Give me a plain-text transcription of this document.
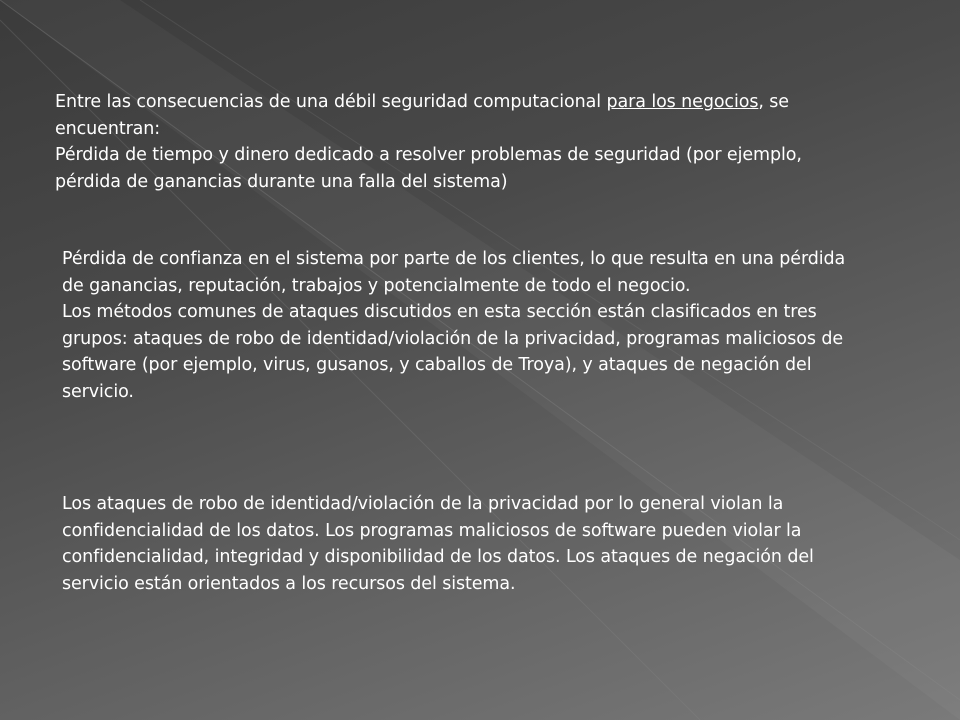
Entre las consecuencias de una débil seguridad computacional para los negocios, se encuentran:

Pérdida de tiempo y dinero dedicado a resolver problemas de seguridad (por ejemplo, pérdida de ganancias durante una falla del sistema)

Pérdida de confianza en el sistema por parte de los clientes, lo que resulta en una pérdida de ganancias, reputación, trabajos y potencialmente de todo el negocio.

Los métodos comunes de ataques discutidos en esta sección están clasificados en tres grupos: ataques de robo de identidad/violación de la privacidad, programas maliciosos de software (por ejemplo, virus, gusanos, y caballos de Troya), y ataques de negación del servicio.

Los ataques de robo de identidad/violación de la privacidad por lo general violan la confidencialidad de los datos. Los programas maliciosos de software pueden violar la confidencialidad, integridad y disponibilidad de los datos. Los ataques de negación del servicio están orientados a los recursos del sistema.
